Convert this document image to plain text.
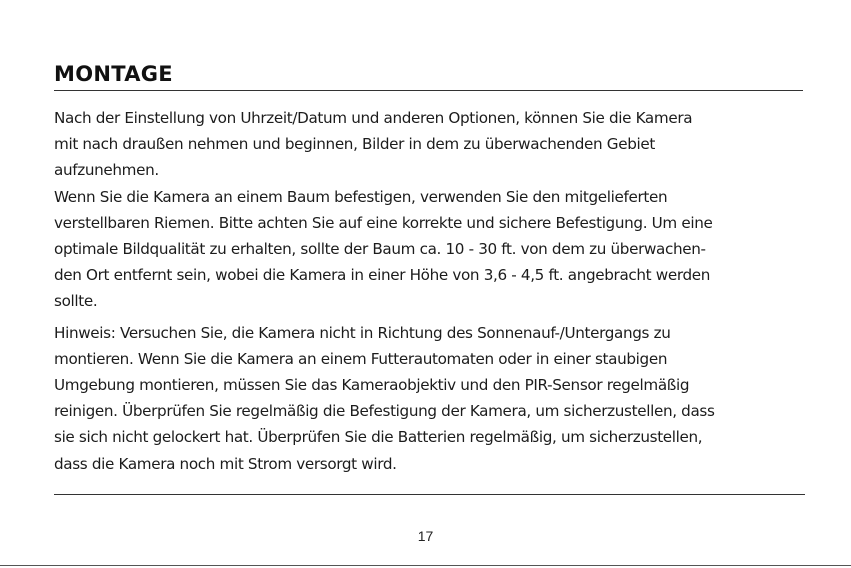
MONTAGE

Nach der Einstellung von Uhrzeit/Datum und anderen Optionen, können Sie die Kamera
mit nach draußen nehmen und beginnen, Bilder in dem zu überwachenden Gebiet
aufzunehmen.

Wenn Sie die Kamera an einem Baum befestigen, verwenden Sie den mitgelieferten
verstellbaren Riemen. Bitte achten Sie auf eine korrekte und sichere Befestigung. Um eine
optimale Bildqualität zu erhalten, sollte der Baum ca. 10 - 30 ft. von dem zu überwachen-
den Ort entfernt sein, wobei die Kamera in einer Höhe von 3,6 - 4,5 ft. angebracht werden
sollte.

Hinweis: Versuchen Sie, die Kamera nicht in Richtung des Sonnenauf-/Untergangs zu
montieren. Wenn Sie die Kamera an einem Futterautomaten oder in einer staubigen
Umgebung montieren, müssen Sie das Kameraobjektiv und den PIR-Sensor regelmäßig
reinigen. Überprüfen Sie regelmäßig die Befestigung der Kamera, um sicherzustellen, dass
sie sich nicht gelockert hat. Überprüfen Sie die Batterien regelmäßig, um sicherzustellen,
dass die Kamera noch mit Strom versorgt wird.

17
